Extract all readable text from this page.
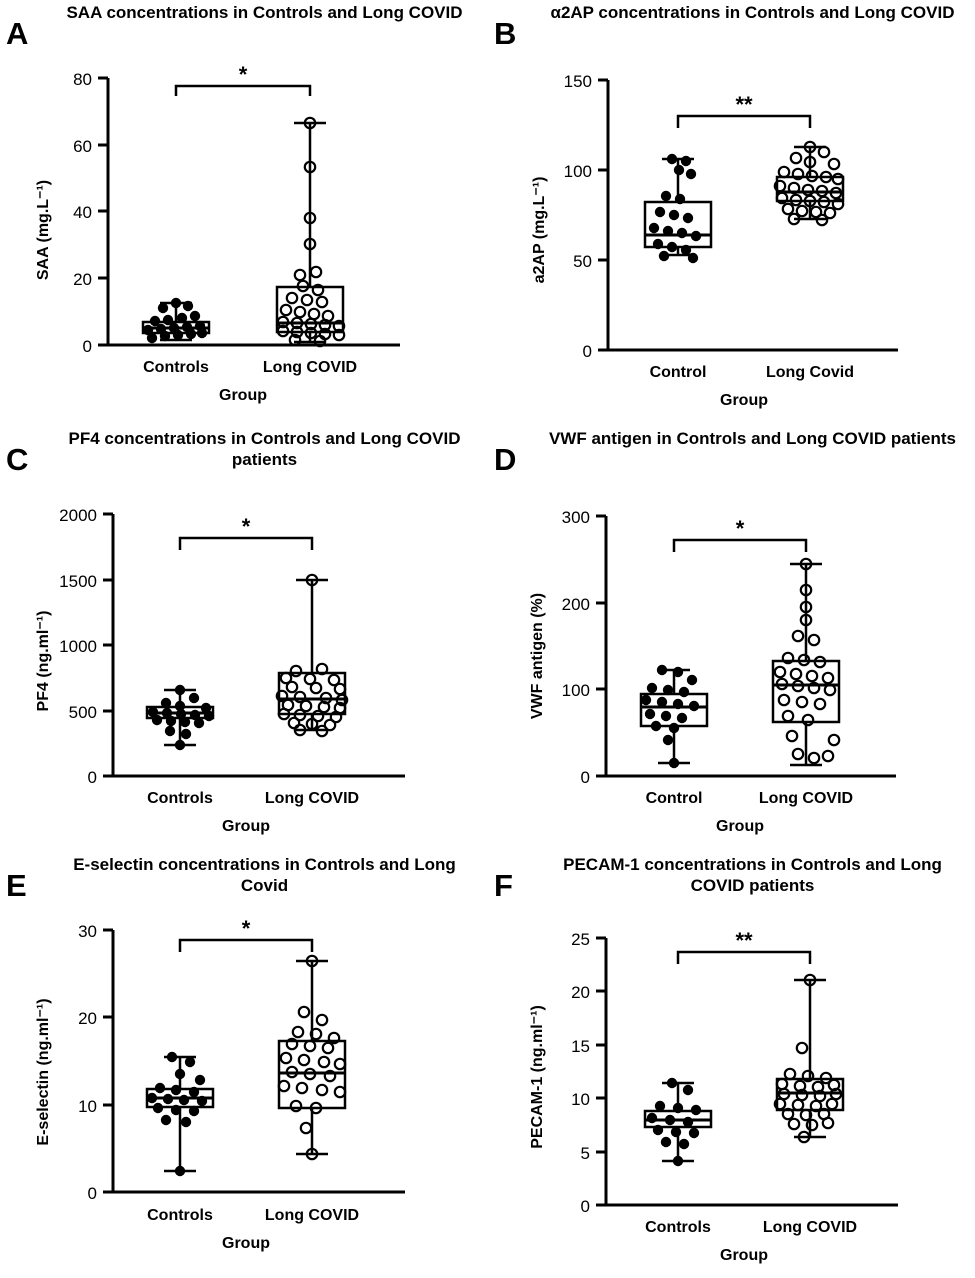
A
SAA concentrations in Controls and Long COVID
0
20
40
60
80
SAA (mg.L⁻¹)
*
Controls	Long COVID
Group
B
α2AP concentrations in Controls and Long COVID
0
50
100
150
a2AP (mg.L⁻¹)
**
Control	Long Covid
Group
C
PF4 concentrations in Controls and Long COVID patients
0
500
1000
1500
2000
PF4 (ng.ml⁻¹)
*
Controls	Long COVID
Group
D
VWF antigen in Controls and Long COVID patients
0
100
200
300
VWF antigen (%)
*
Control	Long COVID
Group
E
E-selectin concentrations in Controls and Long Covid
0
10
20
30
E-selectin (ng.ml⁻¹)
*
Controls	Long COVID
Group
F
PECAM-1 concentrations in Controls and Long COVID patients
0
5
10
15
20
25
PECAM-1 (ng.ml⁻¹)
**
Controls	Long COVID
Group
